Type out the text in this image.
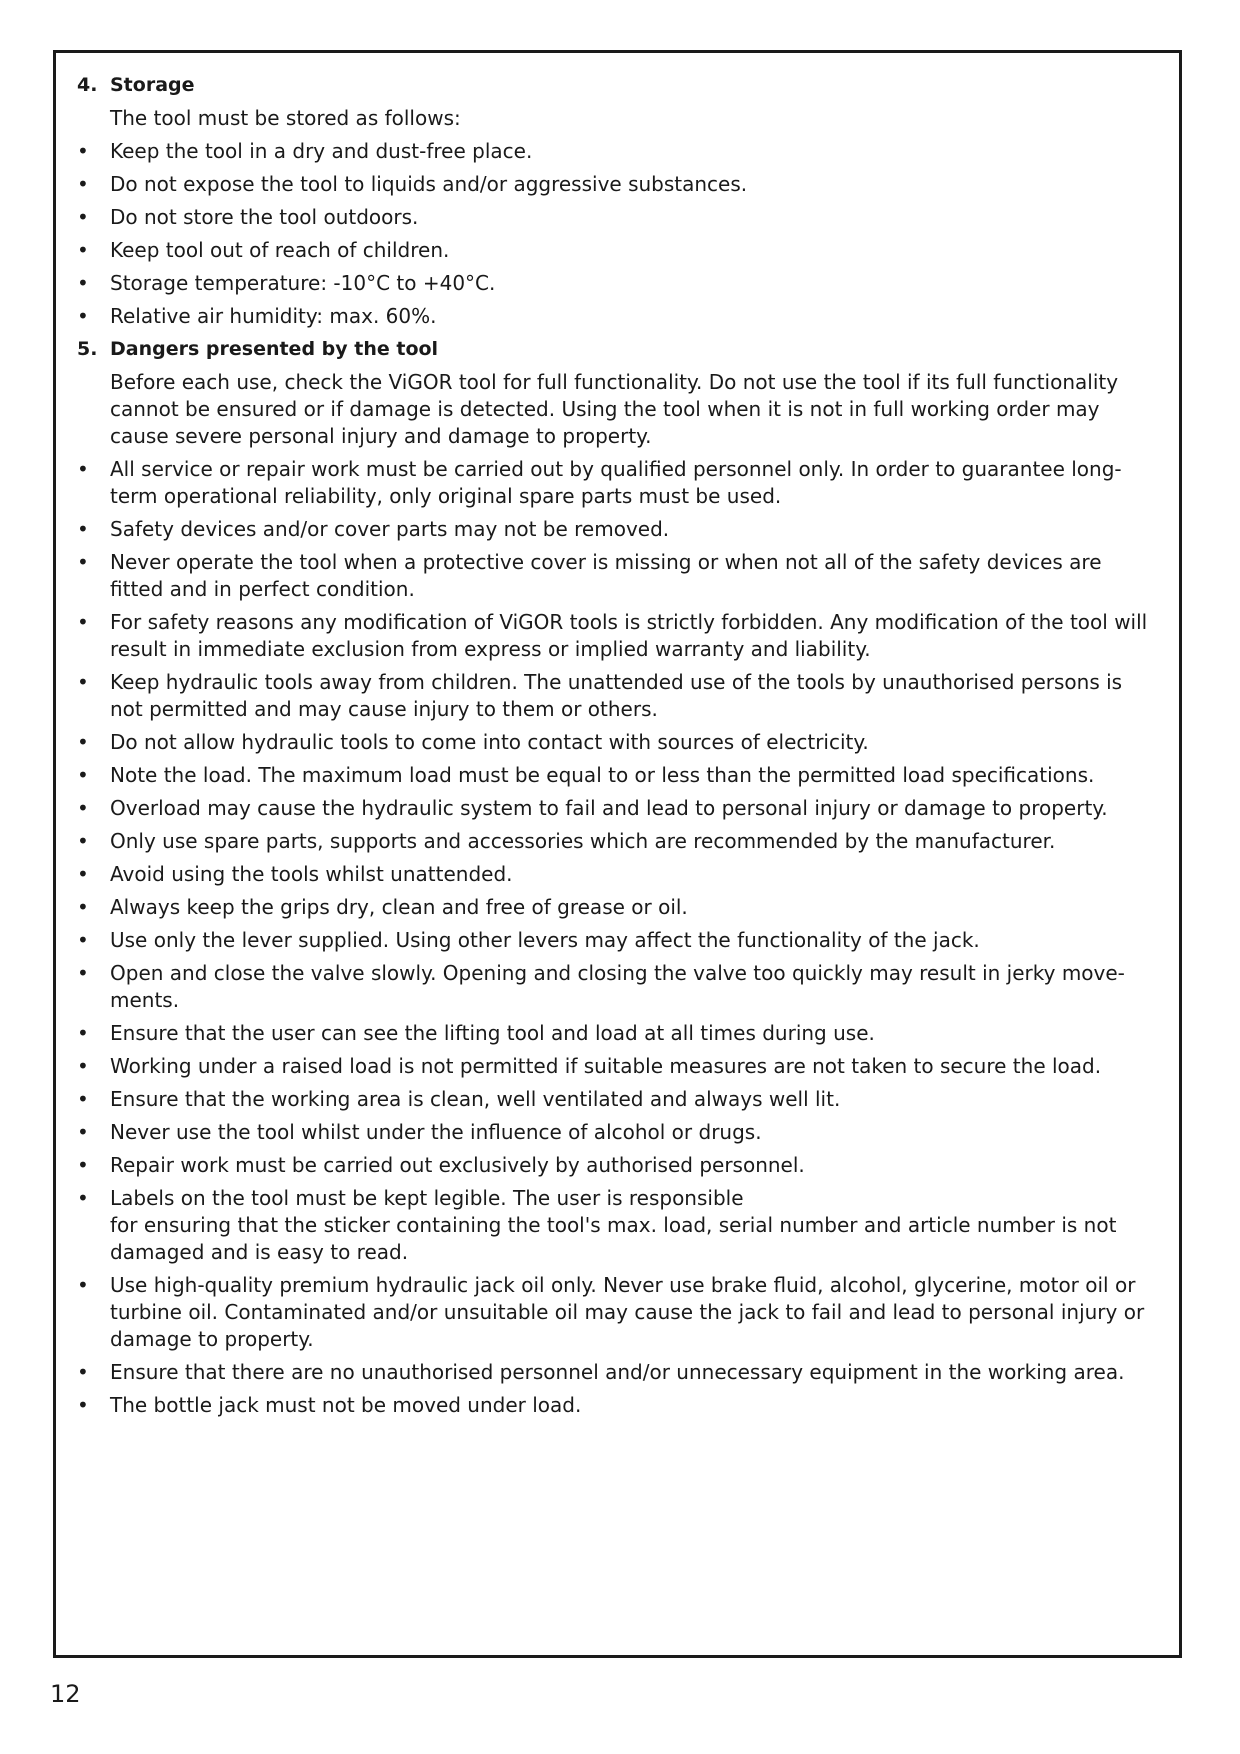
4. Storage
The tool must be stored as follows:
•	Keep the tool in a dry and dust-free place.
•	Do not expose the tool to liquids and/or aggressive substances.
•	Do not store the tool outdoors.
•	Keep tool out of reach of children.
•	Storage temperature: -10°C to +40°C.
•	Relative air humidity: max. 60%.
5. Dangers presented by the tool
Before each use, check the ViGOR tool for full functionality. Do not use the tool if its full functionality
cannot be ensured or if damage is detected. Using the tool when it is not in full working order may
cause severe personal injury and damage to property.
•	All service or repair work must be carried out by qualified personnel only. In order to guarantee long-
term operational reliability, only original spare parts must be used.
•	Safety devices and/or cover parts may not be removed.
•	Never operate the tool when a protective cover is missing or when not all of the safety devices are
fitted and in perfect condition.
•	For safety reasons any modification of ViGOR tools is strictly forbidden. Any modification of the tool will
result in immediate exclusion from express or implied warranty and liability.
•	Keep hydraulic tools away from children. The unattended use of the tools by unauthorised persons is
not permitted and may cause injury to them or others.
•	Do not allow hydraulic tools to come into contact with sources of electricity.
•	Note the load. The maximum load must be equal to or less than the permitted load specifications.
•	Overload may cause the hydraulic system to fail and lead to personal injury or damage to property.
•	Only use spare parts, supports and accessories which are recommended by the manufacturer.
•	Avoid using the tools whilst unattended.
•	Always keep the grips dry, clean and free of grease or oil.
•	Use only the lever supplied. Using other levers may affect the functionality of the jack.
•	Open and close the valve slowly. Opening and closing the valve too quickly may result in jerky move-
ments.
•	Ensure that the user can see the lifting tool and load at all times during use.
•	Working under a raised load is not permitted if suitable measures are not taken to secure the load.
•	Ensure that the working area is clean, well ventilated and always well lit.
•	Never use the tool whilst under the influence of alcohol or drugs.
•	Repair work must be carried out exclusively by authorised personnel.
•	Labels on the tool must be kept legible. The user is responsible
for ensuring that the sticker containing the tool's max. load, serial number and article number is not
damaged and is easy to read.
•	Use high-quality premium hydraulic jack oil only. Never use brake fluid, alcohol, glycerine, motor oil or
turbine oil. Contaminated and/or unsuitable oil may cause the jack to fail and lead to personal injury or
damage to property.
•	Ensure that there are no unauthorised personnel and/or unnecessary equipment in the working area.
•	The bottle jack must not be moved under load.
12
